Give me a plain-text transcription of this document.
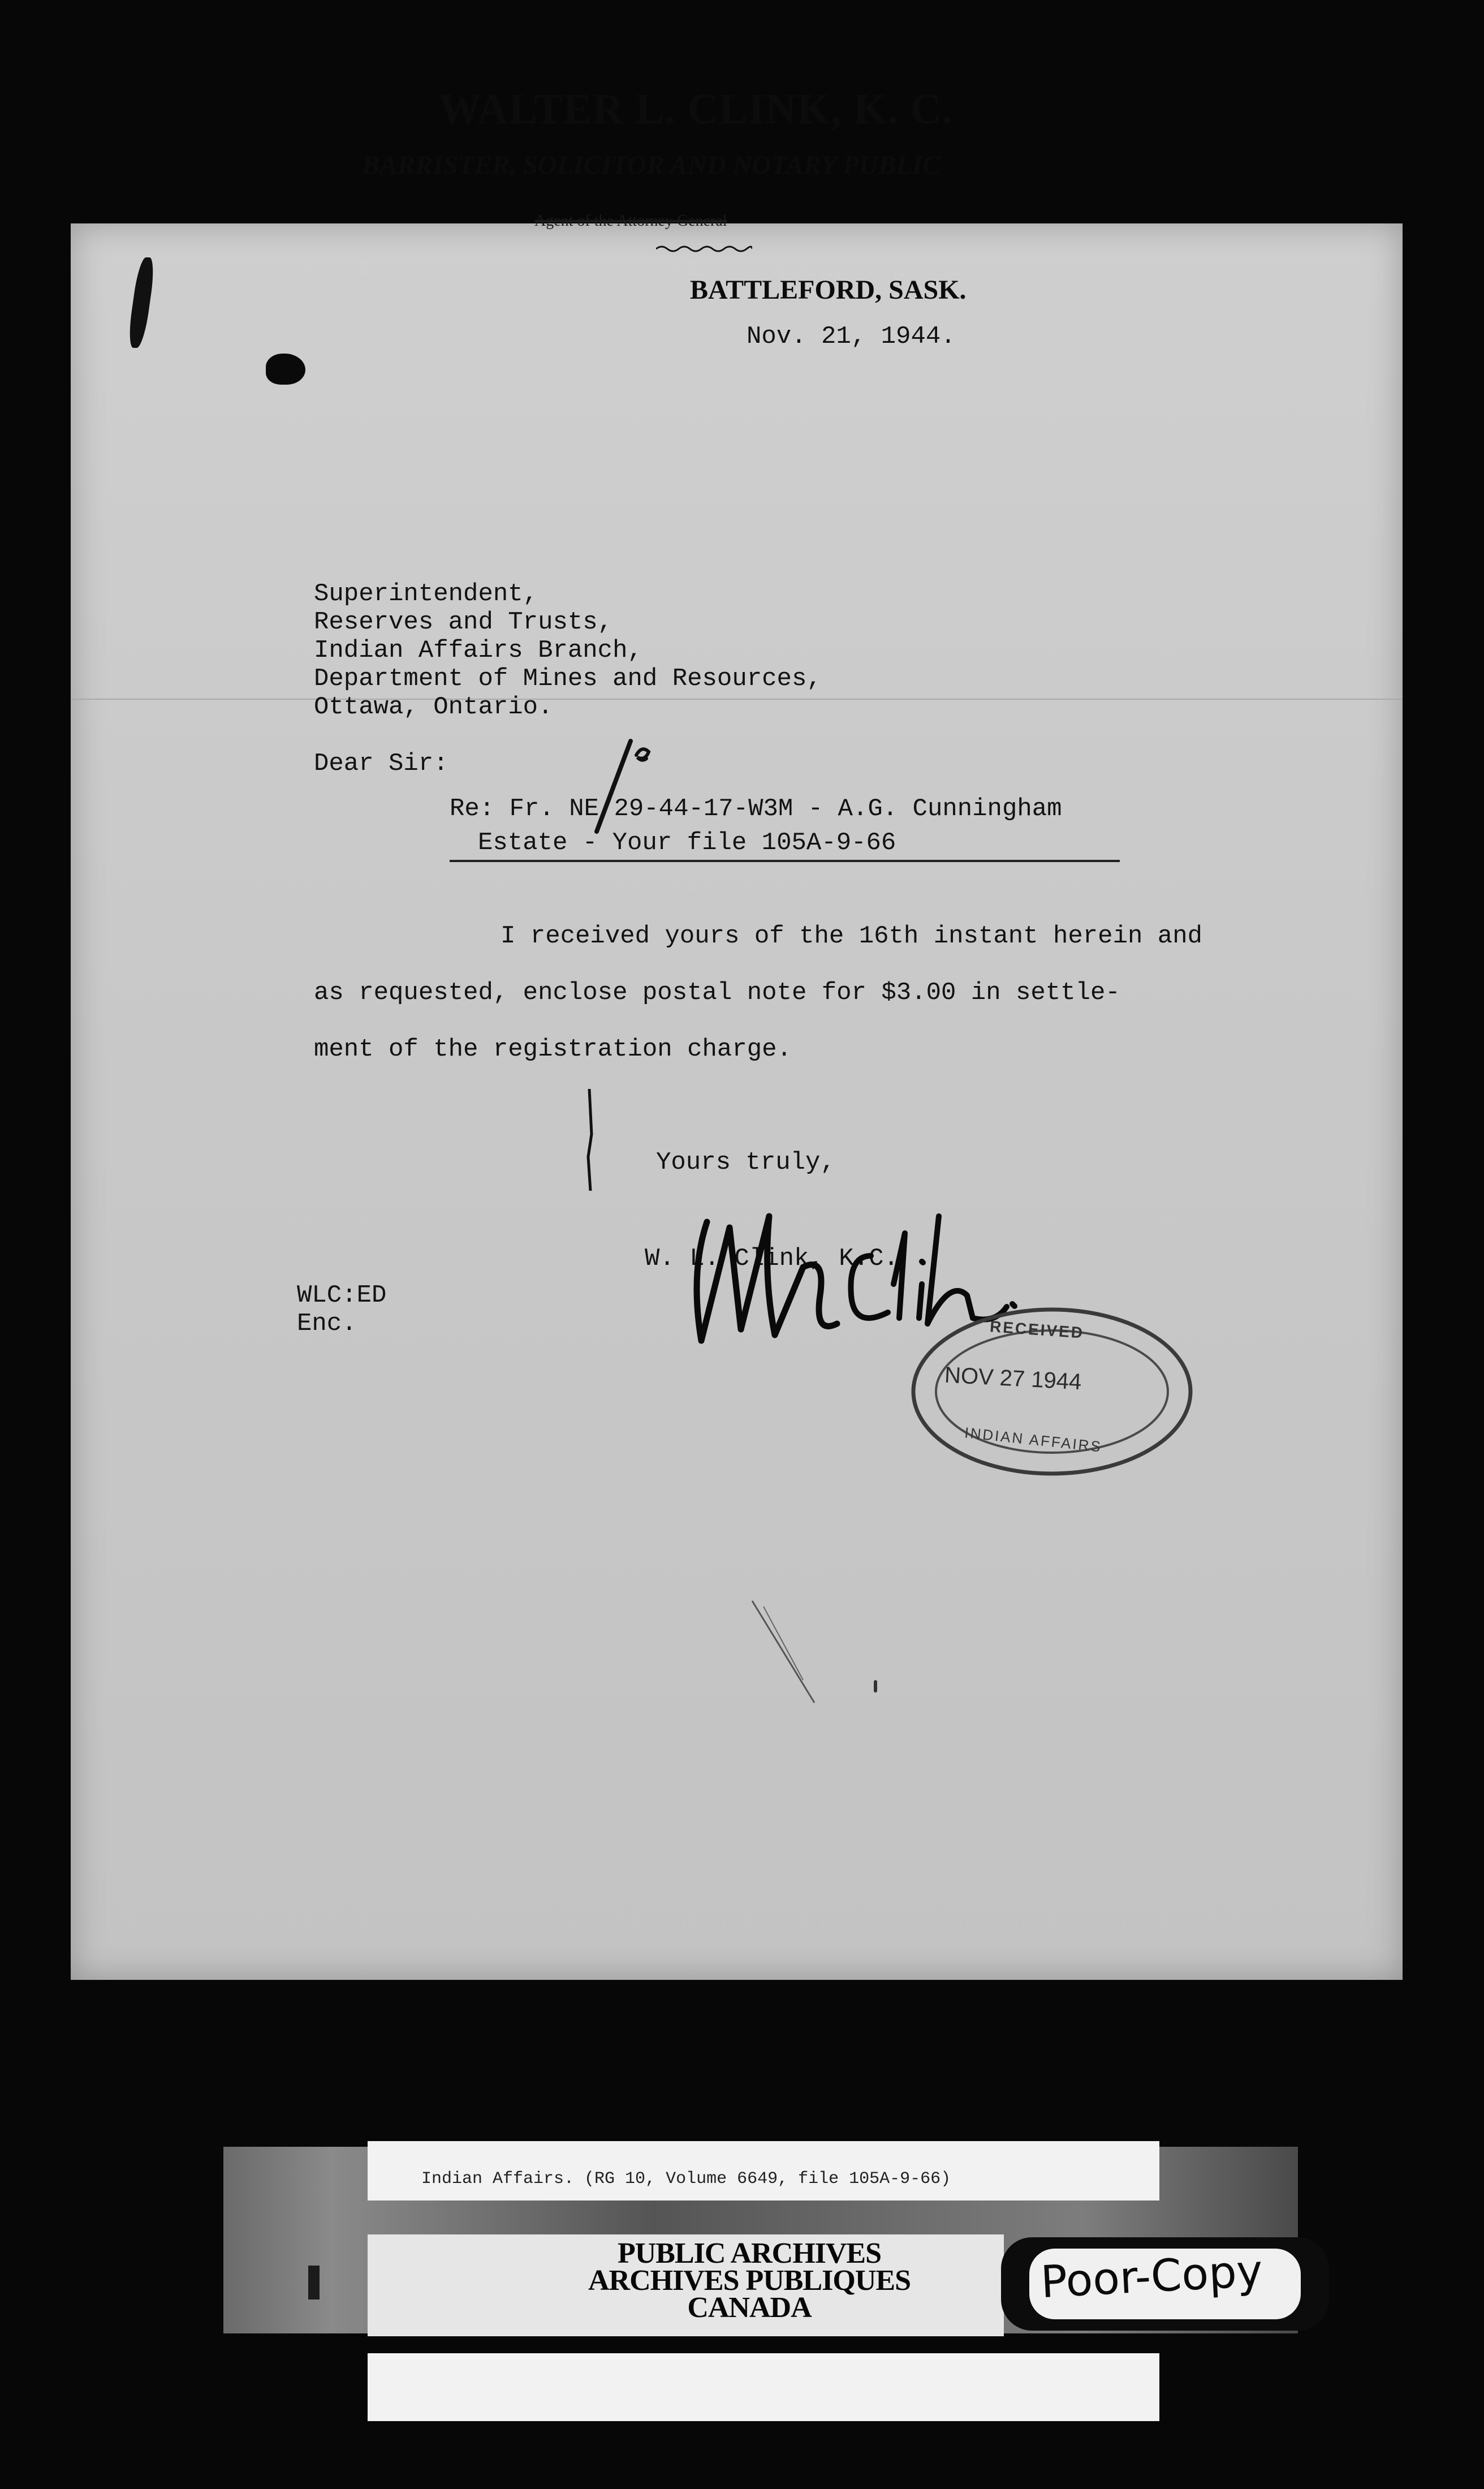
WALTER L. CLINK, K. C.
BARRISTER, SOLICITOR AND NOTARY PUBLIC
Agent of the Attorney General
BATTLEFORD, SASK.
Nov. 21, 1944.
Superintendent,
Reserves and Trusts,
Indian Affairs Branch,
Department of Mines and Resources,
Ottawa, Ontario.
Dear Sir:
Re: Fr. NE 29-44-17-W3M - A.G. Cunningham
Estate - Your file 105A-9-66
I received yours of the 16th instant herein and
as requested, enclose postal note for $3.00 in settle-
ment of the registration charge.
Yours truly,
W. L. Clink, K.C.
WLC:ED
Enc.	RECEIVED
NOV 27 1944
INDIAN AFFAIRS
Indian Affairs. (RG 10, Volume 6649, file 105A-9-66)
PUBLIC ARCHIVES
ARCHIVES PUBLIQUES
CANADA	Poor-Copy
